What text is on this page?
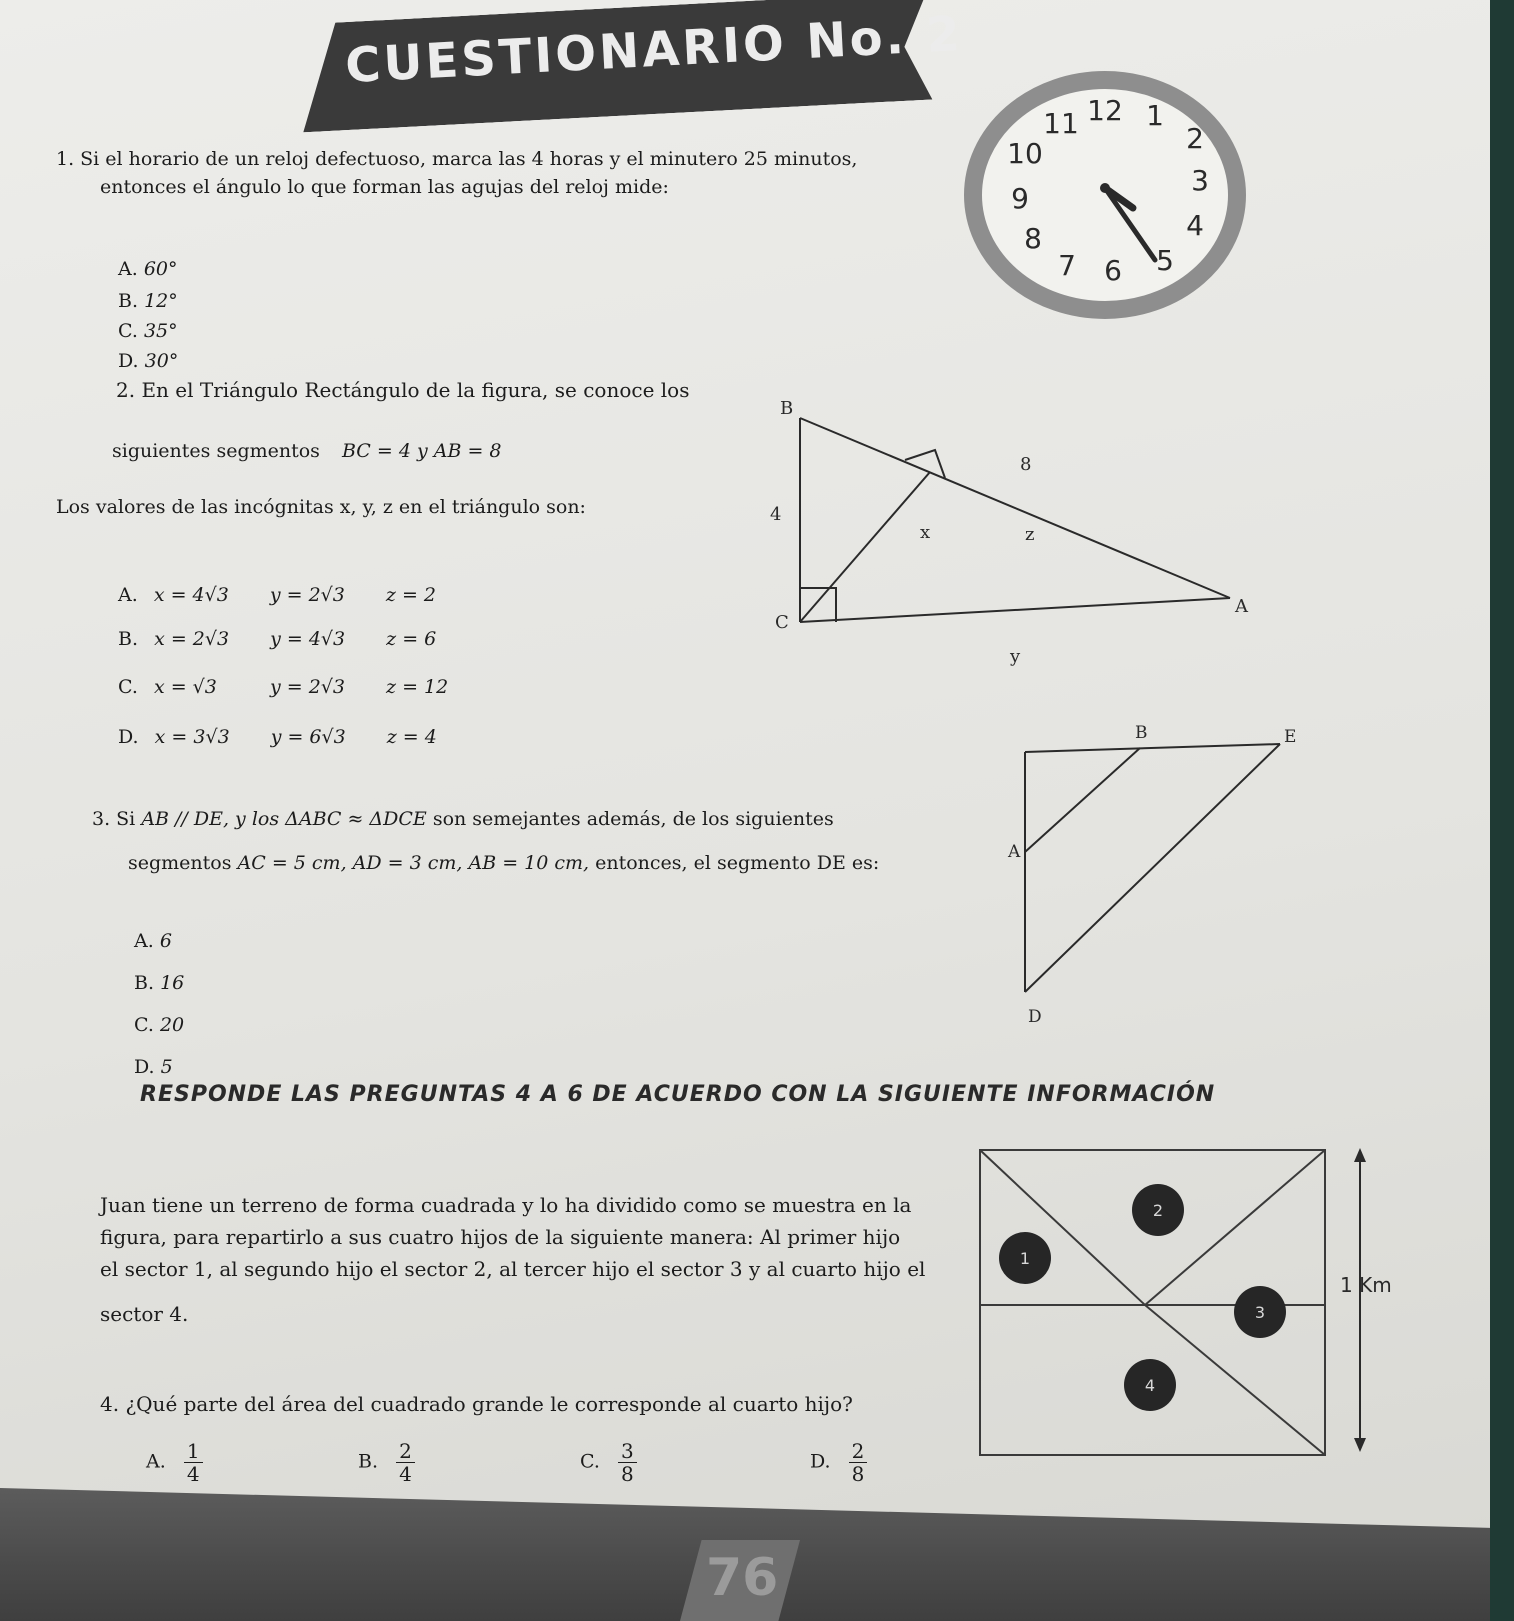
CUESTIONARIO No. 2
1. Si el horario de un reloj defectuoso, marca las 4 horas y el minutero 25 minutos,
entonces el ángulo lo que forman las agujas del reloj mide:
A. 60°
B. 12°
C. 35°
D. 30°
12 1
2
3
4
5
6
7
8
9
10
11
2. En el Triángulo Rectángulo de la figura, se conoce los
siguientes segmentos BC = 4 y AB = 8
Los valores de las incógnitas x, y, z en el triángulo son:
A. x = 4√3 y = 2√3 z = 2
B. x = 2√3 y = 4√3 z = 6
C. x = √3	y = 2√3 z = 12
D. x = 3√3 y = 6√3 z = 4
B
C
A
4
8
x	z
y
3. Si AB // DE, y los ΔABC ≈ ΔDCE son semejantes además, de los siguientes
segmentos AC = 5 cm, AD = 3 cm, AB = 10 cm, entonces, el segmento DE es:
A. 6
B. 16
C. 20
D. 5
B	E
A
D
RESPONDE LAS PREGUNTAS 4 A 6 DE ACUERDO CON LA SIGUIENTE INFORMACIÓN
Juan tiene un terreno de forma cuadrada y lo ha dividido como se muestra en la
figura, para repartirlo a sus cuatro hijos de la siguiente manera: Al primer hijo
el sector 1, al segundo hijo el sector 2, al tercer hijo el sector 3 y al cuarto hijo el
sector 4.
1
2
3
4
1 Km
4. ¿Qué parte del área del cuadrado grande le corresponde al cuarto hijo?
A. $\frac{1}{4}$	B. $\frac{2}{4}$	C. $\frac{3}{8}$	D. $\frac{2}{8}$
76
